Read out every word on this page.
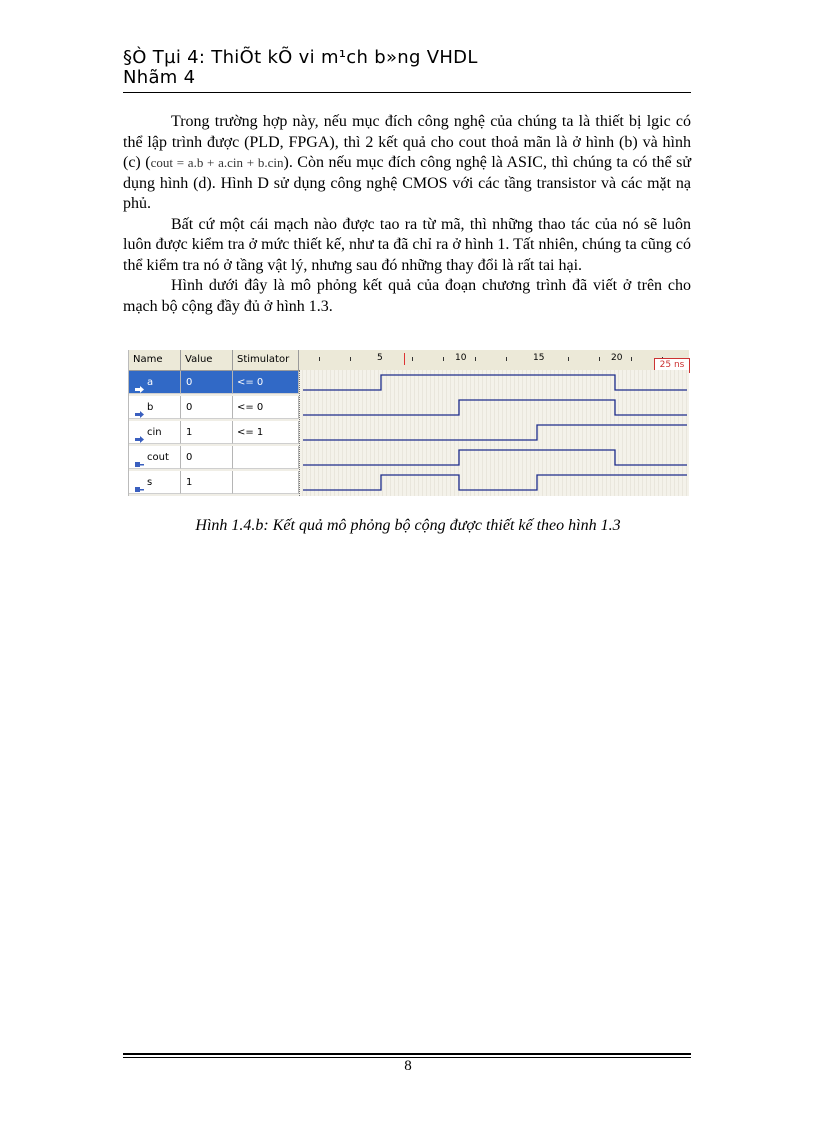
§Ò Tµi 4: ThiÕt kÕ vi m¹ch b»ng VHDL
Nhãm 4

Trong trường hợp này, nếu mục đích công nghệ của chúng ta là thiết bị lgic có thể lập trình được (PLD, FPGA), thì 2 kết quả cho cout thoả mãn là ở hình (b) và hình (c) (cout = a.b + a.cin + b.cin). Còn nếu mục đích công nghệ là ASIC, thì chúng ta có thể sử dụng hình (d). Hình D sử dụng công nghệ CMOS với các tầng transistor và các mặt nạ phủ.

Bất cứ một cái mạch nào được tao ra từ mã, thì những thao tác của nó sẽ luôn luôn được kiểm tra ở mức thiết kế, như ta đã chỉ ra ở hình 1. Tất nhiên, chúng ta cũng có thể kiểm tra nó ở tầng vật lý, nhưng sau đó những thay đổi là rất tai hại.

Hình dưới đây là mô phỏng kết quả của đoạn chương trình đã viết ở trên cho mạch bộ cộng đầy đủ ở hình 1.3.

Name	Value	Stimulator	5	10	15	20
25 ns
a	0	<= 0
b	0	<= 0
cin	1	<= 1
cout	0
s	1
Hình 1.4.b: Kết quả mô phỏng bộ cộng được thiết kế theo hình 1.3
8
